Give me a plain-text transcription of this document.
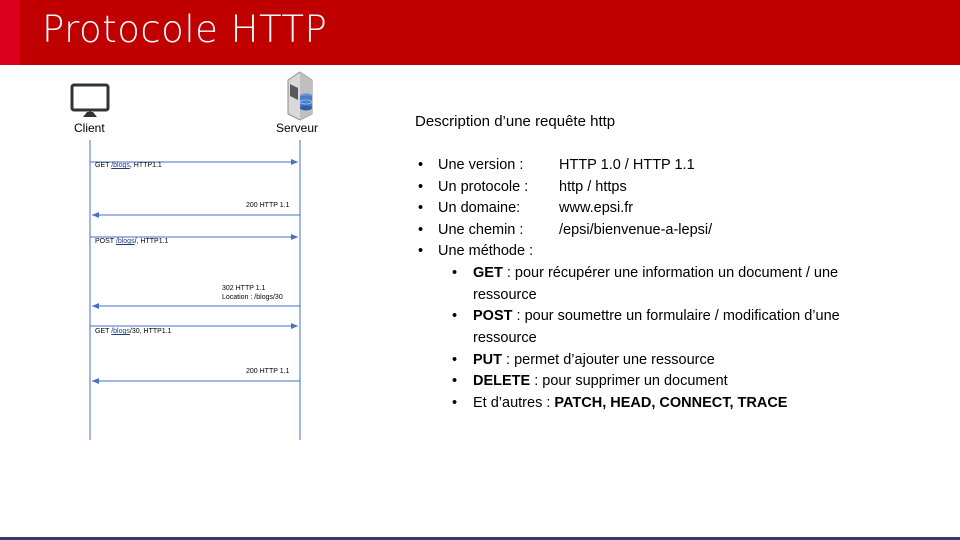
Protocole HTTP
Client	Serveur
GET /blogs, HTTP1.1
200 HTTP 1.1
POST /blogs/, HTTP1.1
302 HTTP 1.1
Location : /blogs/30
GET /blogs/30, HTTP1.1
200 HTTP 1.1
Description d’une requête http
• Une version : HTTP 1.0 / HTTP 1.1
• Un protocole : http / https
• Un domaine:	www.epsi.fr
• Une chemin : /epsi/bienvenue-a-lepsi/
• Une méthode :
• GET : pour récupérer une information un document / une
ressource
• POST : pour soumettre un formulaire / modification d’une
ressource
• PUT : permet d’ajouter une ressource
• DELETE : pour supprimer un document
• Et d’autres : PATCH, HEAD, CONNECT, TRACE
